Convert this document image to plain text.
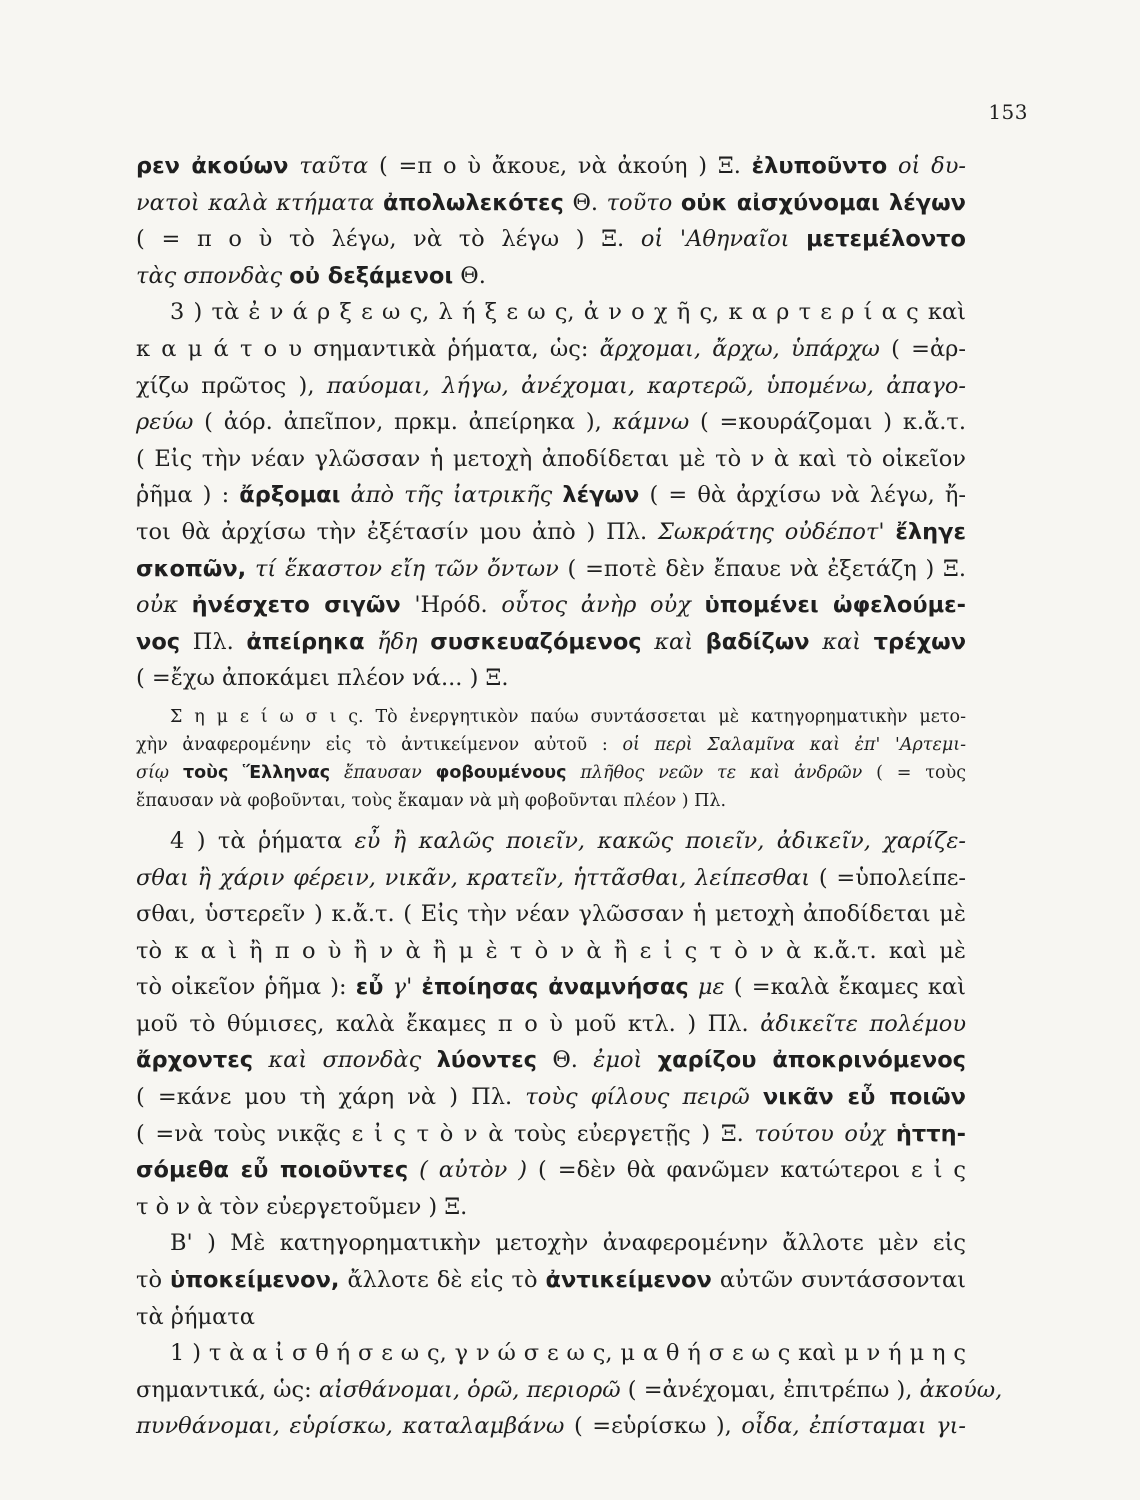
153
ρεν ἀκούων ταῦτα ( =π ο ὺ ἄκουε, νὰ ἀκούη ) Ξ. ἐλυποῦντο οἱ δυ-
νατοὶ καλὰ κτήματα ἀπολωλεκότες Θ. τοῦτο οὐκ αἰσχύνομαι λέγων
( = π ο ὺ τὸ λέγω, νὰ τὸ λέγω ) Ξ. οἱ 'Αθηναῖοι μετεμέλοντο
τὰς σπονδὰς οὐ δεξάμενοι Θ.
3 ) τὰ ἐ ν ά ρ ξ ε ω ς, λ ή ξ ε ω ς, ἀ ν ο χ ῆ ς, κ α ρ τ ε ρ ί α ς καὶ
κ α μ ά τ ο υ σημαντικὰ ῥήματα, ὡς: ἄρχομαι, ἄρχω, ὑπάρχω ( =ἀρ-
χίζω πρῶτος ), παύομαι, λήγω, ἀνέχομαι, καρτερῶ, ὑπομένω, ἀπαγο-
ρεύω ( ἀόρ. ἀπεῖπον, πρκμ. ἀπείρηκα ), κάμνω ( =κουράζομαι ) κ.ἄ.τ.
( Εἰς τὴν νέαν γλῶσσαν ἡ μετοχὴ ἀποδίδεται μὲ τὸ ν ὰ καὶ τὸ οἰκεῖον
ῥῆμα ) : ἄρξομαι ἀπὸ τῆς ἰατρικῆς λέγων ( = θὰ ἀρχίσω νὰ λέγω, ἤ-
τοι θὰ ἀρχίσω τὴν ἐξέτασίν μου ἀπὸ ) Πλ. Σωκράτης οὐδέποτ' ἔληγε
σκοπῶν, τί ἕκαστον εἴη τῶν ὄντων ( =ποτὲ δὲν ἔπαυε νὰ ἐξετάζη ) Ξ.
οὐκ ἠνέσχετο σιγῶν 'Ηρόδ. οὗτος ἀνὴρ οὐχ ὑπομένει ὠφελούμε-
νος Πλ. ἀπείρηκα ἤδη συσκευαζόμενος καὶ βαδίζων καὶ τρέχων
( =ἔχω ἀποκάμει πλέον νά... ) Ξ.
Σ η μ ε ί ω σ ι ς. Τὸ ἐνεργητικὸν παύω συντάσσεται μὲ κατηγορηματικὴν μετο-
χὴν ἀναφερομένην εἰς τὸ ἀντικείμενον αὐτοῦ : οἱ περὶ Σαλαμῖνα καὶ ἐπ' 'Αρτεμι-
σίῳ τοὺς Ἕλληνας ἔπαυσαν φοβουμένους πλῆθος νεῶν τε καὶ ἀνδρῶν ( = τοὺς
ἔπαυσαν νὰ φοβοῦνται, τοὺς ἔκαμαν νὰ μὴ φοβοῦνται πλέον ) Πλ.
4 ) τὰ ῥήματα εὖ ἢ καλῶς ποιεῖν, κακῶς ποιεῖν, ἀδικεῖν, χαρίζε-
σθαι ἢ χάριν φέρειν, νικᾶν, κρατεῖν, ἡττᾶσθαι, λείπεσθαι ( =ὑπολείπε-
σθαι, ὑστερεῖν ) κ.ἄ.τ. ( Εἰς τὴν νέαν γλῶσσαν ἡ μετοχὴ ἀποδίδεται μὲ
τὸ κ α ὶ ἢ π ο ὺ ἢ ν ὰ ἢ μ ὲ τ ὸ ν ὰ ἢ ε ἰ ς τ ὸ ν ὰ κ.ἄ.τ. καὶ μὲ
τὸ οἰκεῖον ῥῆμα ): εὖ γ' ἐποίησας ἀναμνήσας με ( =καλὰ ἔκαμες καὶ
μοῦ τὸ θύμισες, καλὰ ἔκαμες π ο ὺ μοῦ κτλ. ) Πλ. ἀδικεῖτε πολέμου
ἄρχοντες καὶ σπονδὰς λύοντες Θ. ἐμοὶ χαρίζου ἀποκρινόμενος
( =κάνε μου τὴ χάρη νὰ ) Πλ. τοὺς φίλους πειρῶ νικᾶν εὖ ποιῶν
( =νὰ τοὺς νικᾷς ε ἰ ς τ ὸ ν ὰ τοὺς εὐεργετῇς ) Ξ. τούτου οὐχ ἡττη-
σόμεθα εὖ ποιοῦντες ( αὐτὸν ) ( =δὲν θὰ φανῶμεν κατώτεροι ε ἰ ς
τ ὸ ν ὰ τὸν εὐεργετοῦμεν ) Ξ.
Β' ) Μὲ κατηγορηματικὴν μετοχὴν ἀναφερομένην ἄλλοτε μὲν εἰς
τὸ ὑποκείμενον, ἄλλοτε δὲ εἰς τὸ ἀντικείμενον αὐτῶν συντάσσονται
τὰ ῥήματα
1 ) τ ὰ α ἰ σ θ ή σ ε ω ς, γ ν ώ σ ε ω ς, μ α θ ή σ ε ω ς καὶ μ ν ή μ η ς
σημαντικά, ὡς: αἰσθάνομαι, ὁρῶ, περιορῶ ( =ἀνέχομαι, ἐπιτρέπω ), ἀκούω,
πυνθάνομαι, εὑρίσκω, καταλαμβάνω ( =εὑρίσκω ), οἶδα, ἐπίσταμαι γι-
